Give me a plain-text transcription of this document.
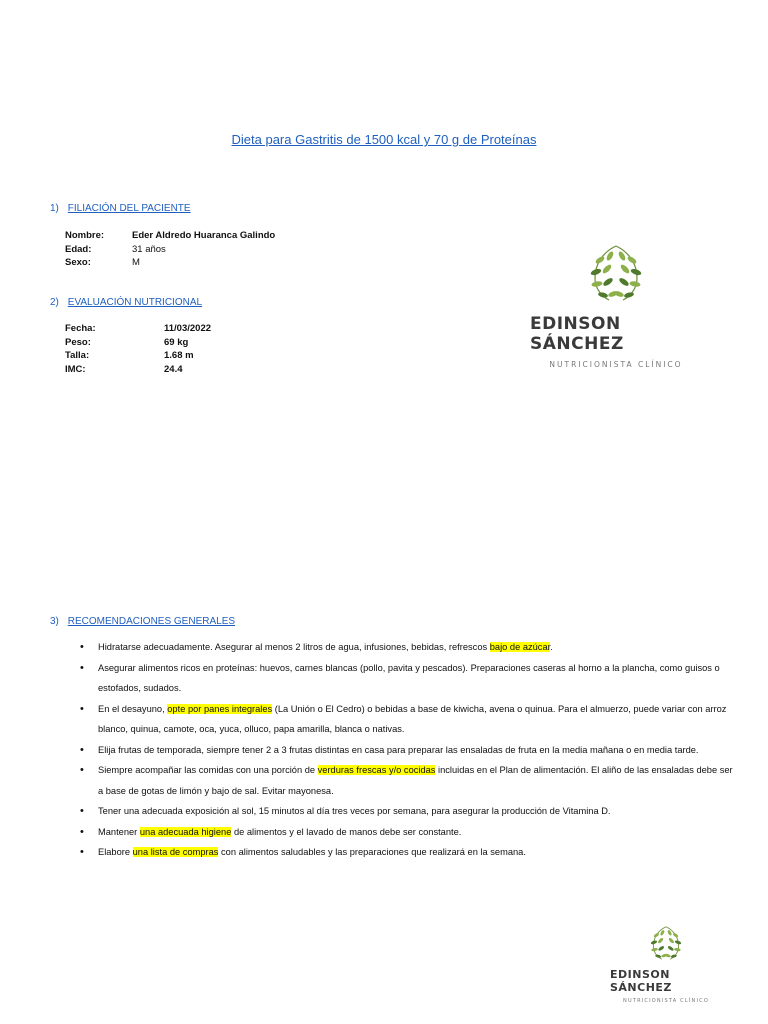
Dieta para Gastritis de 1500 kcal y 70 g de Proteínas
1) FILIACIÓN DEL PACIENTE
Nombre:	Eder Aldredo Huaranca Galindo
Edad:	31 años
Sexo:	M
2) EVALUACIÓN NUTRICIONAL
Fecha:	11/03/2022
Peso:	69 kg
Talla:	1.68 m
IMC:	24.4
EDINSON SÁNCHEZ
NUTRICIONISTA CLÍNICO
3) RECOMENDACIONES GENERALES
• Hidratarse adecuadamente. Asegurar al menos 2 litros de agua, infusiones, bebidas, refrescos bajo de azúcar.
• Asegurar alimentos ricos en proteínas: huevos, carnes blancas (pollo, pavita y pescados). Preparaciones caseras al horno a la plancha, como guisos o estofados, sudados.
• En el desayuno, opte por panes integrales (La Unión o El Cedro) o bebidas a base de kiwicha, avena o quinua. Para el almuerzo, puede variar con arroz blanco, quinua, camote, oca, yuca, olluco, papa amarilla, blanca o nativas.
• Elija frutas de temporada, siempre tener 2 a 3 frutas distintas en casa para preparar las ensaladas de fruta en la media mañana o en media tarde.
• Siempre acompañar las comidas con una porción de verduras frescas y/o cocidas incluidas en el Plan de alimentación. El aliño de las ensaladas debe ser a base de gotas de limón y bajo de sal. Evitar mayonesa.
• Tener una adecuada exposición al sol, 15 minutos al día tres veces por semana, para asegurar la producción de Vitamina D.
• Mantener una adecuada higiene de alimentos y el lavado de manos debe ser constante.
• Elabore una lista de compras con alimentos saludables y las preparaciones que realizará en la semana.
EDINSON SÁNCHEZ
NUTRICIONISTA CLÍNICO
